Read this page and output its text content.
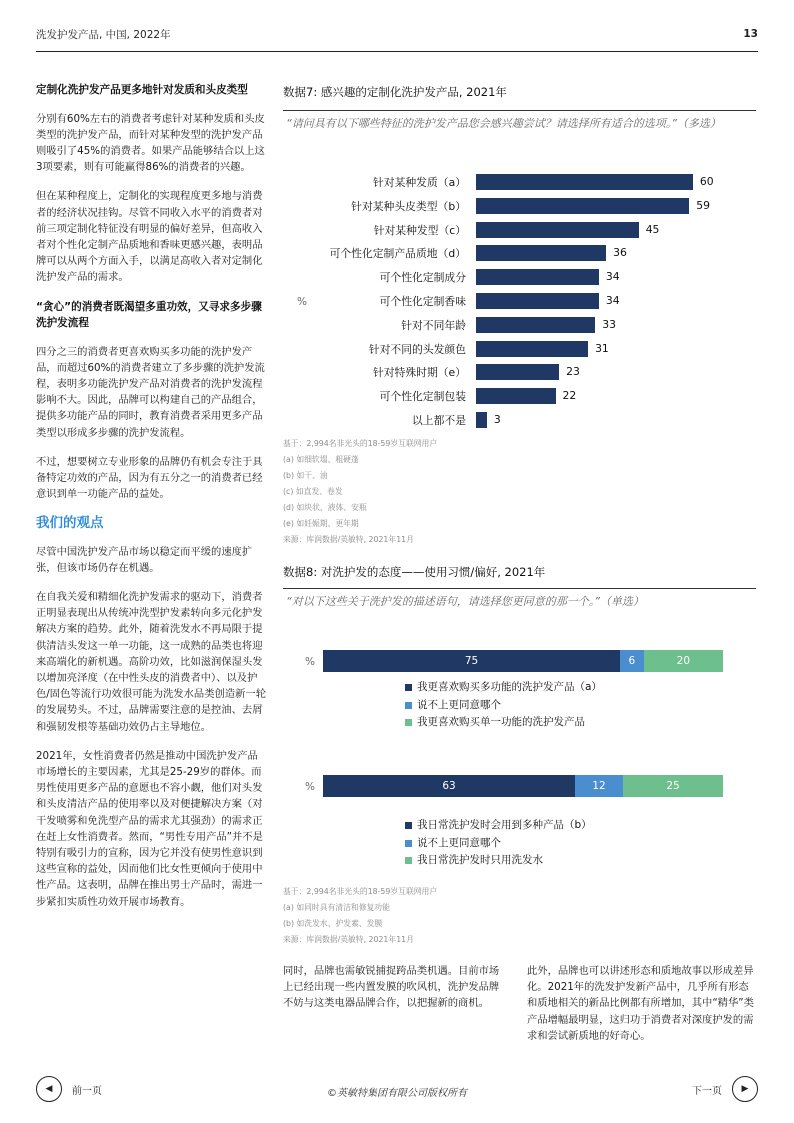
洗发护发产品, 中国, 2022年	13
定制化洗护发产品更多地针对发质和头皮类型

分别有60%左右的消费者考虑针对某种发质和头皮类型的洗护发产品，而针对某种发型的洗护发产品则吸引了45%的消费者。如果产品能够结合以上这3项要素，则有可能赢得86%的消费者的兴趣。

但在某种程度上，定制化的实现程度更多地与消费者的经济状况挂钩。尽管不同收入水平的消费者对前三项定制化特征没有明显的偏好差异，但高收入者对个性化定制产品质地和香味更感兴趣，表明品牌可以从两个方面入手，以满足高收入者对定制化洗护发产品的需求。

“贪心”的消费者既渴望多重功效，又寻求多步骤洗护发流程

四分之三的消费者更喜欢购买多功能的洗护发产品，而超过60%的消费者建立了多步骤的洗护发流程，表明多功能洗护发产品对消费者的洗护发流程影响不大。因此，品牌可以构建自己的产品组合，提供多功能产品的同时，教育消费者采用更多产品类型以形成多步骤的洗护发流程。

不过，想要树立专业形象的品牌仍有机会专注于具备特定功效的产品，因为有五分之一的消费者已经意识到单一功能产品的益处。

我们的观点

尽管中国洗护发产品市场以稳定而平缓的速度扩张，但该市场仍存在机遇。

在自我关爱和精细化洗护发需求的驱动下，消费者正明显表现出从传统冲洗型护发素转向多元化护发解决方案的趋势。此外，随着洗发水不再局限于提供清洁头发这一单一功能，这一成熟的品类也将迎来高端化的新机遇。高阶功效，比如滋润保湿头发以增加亮泽度（在中性头皮的消费者中）、以及护色/固色等流行功效很可能为洗发水品类创造新一轮的发展势头。不过，品牌需要注意的是控油、去屑和强韧发根等基础功效仍占主导地位。

2021年，女性消费者仍然是推动中国洗护发产品市场增长的主要因素，尤其是25-29岁的群体。而男性使用更多产品的意愿也不容小觑，他们对头发和头皮清洁产品的使用率以及对便捷解决方案（对干发喷雾和免洗型产品的需求尤其强劲）的需求正在赶上女性消费者。然而，“男性专用产品”并不是特别有吸引力的宣称，因为它并没有使男性意识到这些宣称的益处，因而他们比女性更倾向于使用中性产品。这表明，品牌在推出男士产品时，需进一步紧扣实质性功效开展市场教育。

数据7: 感兴趣的定制化洗护发产品, 2021年
“请问具有以下哪些特征的洗护发产品您会感兴趣尝试？请选择所有适合的选项。”（多选）
%
针对某种发质（a）	60
针对某种头皮类型（b）	59
针对某种发型（c）	45
可个性化定制产品质地（d）	36
可个性化定制成分	34
可个性化定制香味	34
针对不同年龄	33
针对不同的头发颜色	31
针对特殊时期（e）	23
可个性化定制包装	22
以上都不是	3
基于：2,994名非光头的18-59岁互联网用户
(a) 如细软塌、粗硬蓬
(b) 如干、油
(c) 如直发、卷发
(d) 如块状、液体、安瓶
(e) 如妊娠期、更年期
来源：库润数据/英敏特, 2021年11月
数据8: 对洗护发的态度——使用习惯/偏好, 2021年
“对以下这些关于洗护发的描述语句，请选择您更同意的那一个。”（单选）
%	75	6	20
我更喜欢购买多功能的洗护发产品（a）
说不上更同意哪个
我更喜欢购买单一功能的洗护发产品
%	63	12	25
我日常洗护发时会用到多种产品（b）
说不上更同意哪个
我日常洗护发时只用洗发水
基于：2,994名非光头的18-59岁互联网用户
(a) 如同时具有清洁和修复功能
(b) 如洗发水、护发素、发膜
来源：库润数据/英敏特, 2021年11月
同时，品牌也需敏锐捕捉跨品类机遇。目前市场上已经出现一些内置发膜的吹风机，洗护发品牌不妨与这类电器品牌合作，以把握新的商机。
此外，品牌也可以讲述形态和质地故事以形成差异化。2021年的洗发护发新产品中，几乎所有形态和质地相关的新品比例都有所增加，其中“精华”类产品增幅最明显，这归功于消费者对深度护发的需求和尝试新质地的好奇心。
◀	前一页	©英敏特集团有限公司版权所有	下一页	▶
